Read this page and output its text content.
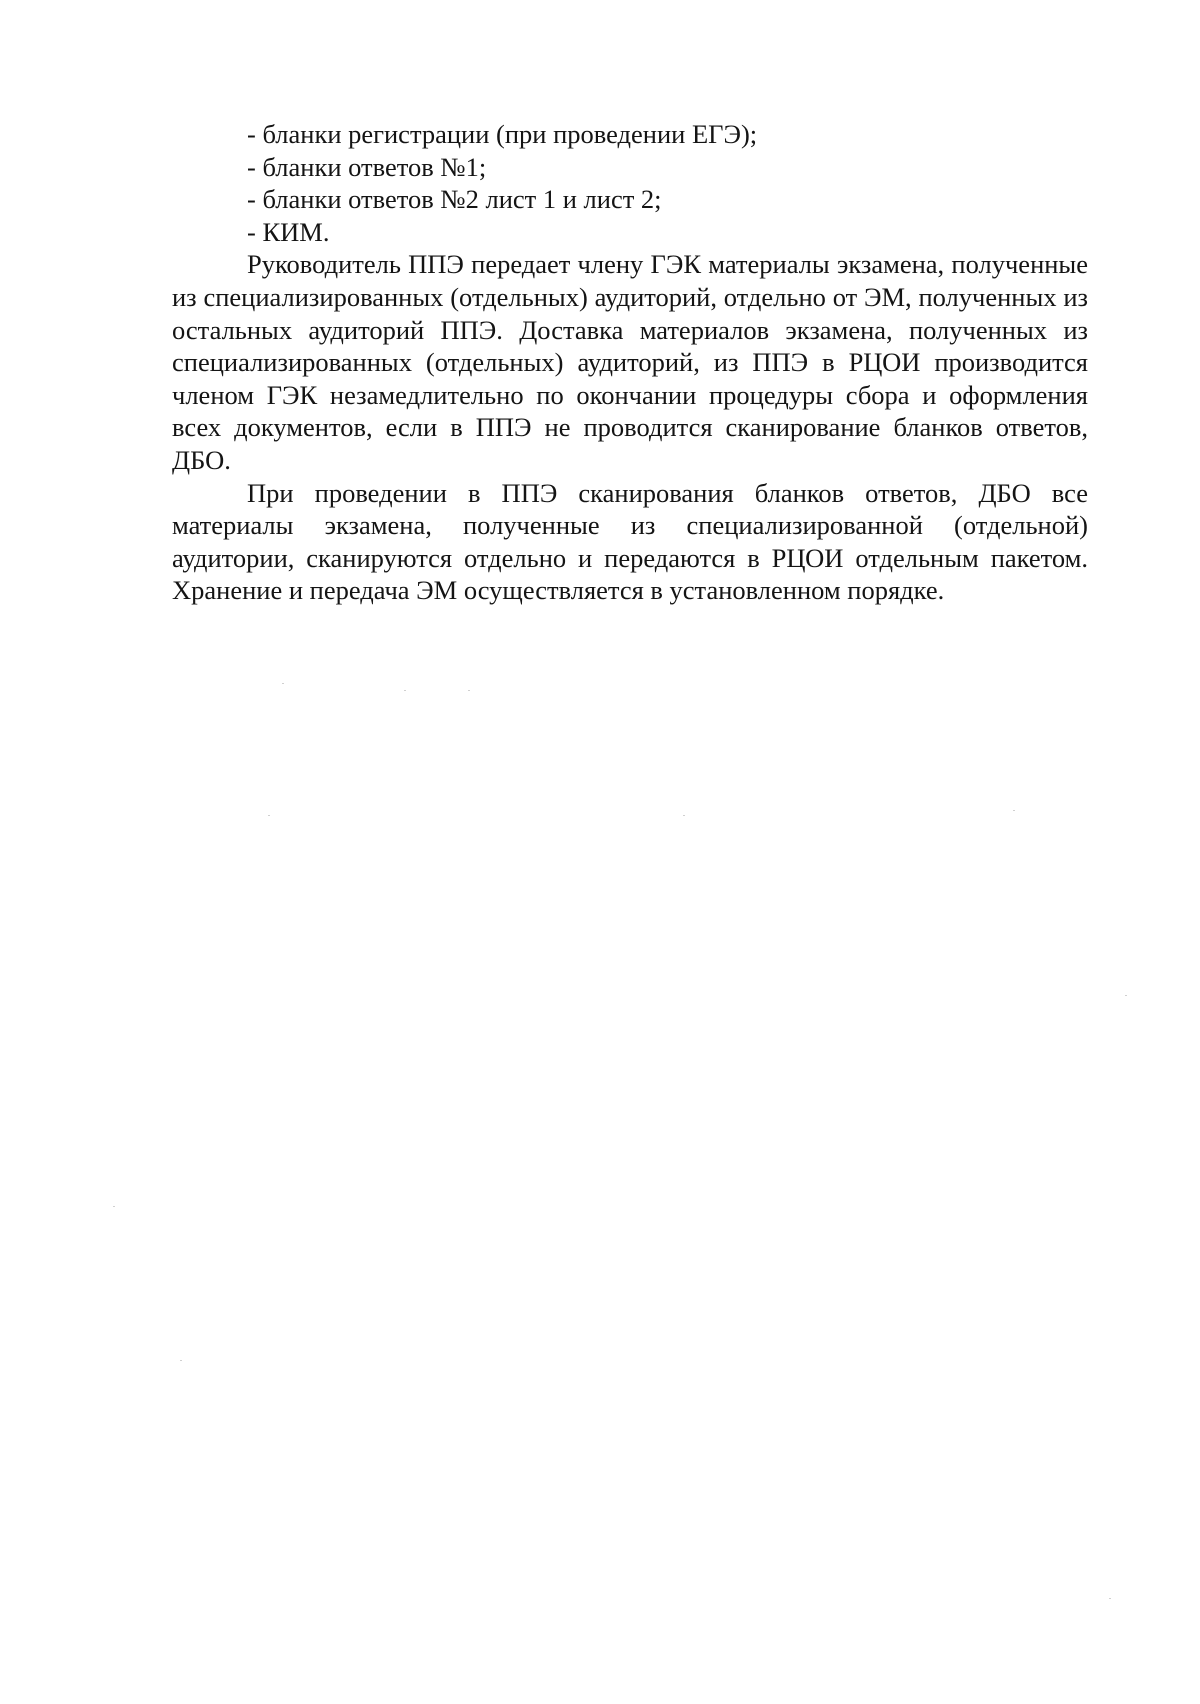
- бланки регистрации (при проведении ЕГЭ);

- бланки ответов №1;

- бланки ответов №2 лист 1 и лист 2;

- КИМ.

Руководитель ППЭ передает члену ГЭК материалы экзамена, полученные из специализированных (отдельных) аудиторий, отдельно от ЭМ, полученных из остальных аудиторий ППЭ. Доставка материалов экзамена, полученных из специализированных (отдельных) аудиторий, из ППЭ в РЦОИ производится членом ГЭК незамедлительно по окончании процедуры сбора и оформления всех документов, если в ППЭ не проводится сканирование бланков ответов, ДБО.

При проведении в ППЭ сканирования бланков ответов, ДБО все материалы экзамена, полученные из специализированной (отдельной) аудитории, сканируются отдельно и передаются в РЦОИ отдельным пакетом. Хранение и передача ЭМ осуществляется в установленном порядке.
